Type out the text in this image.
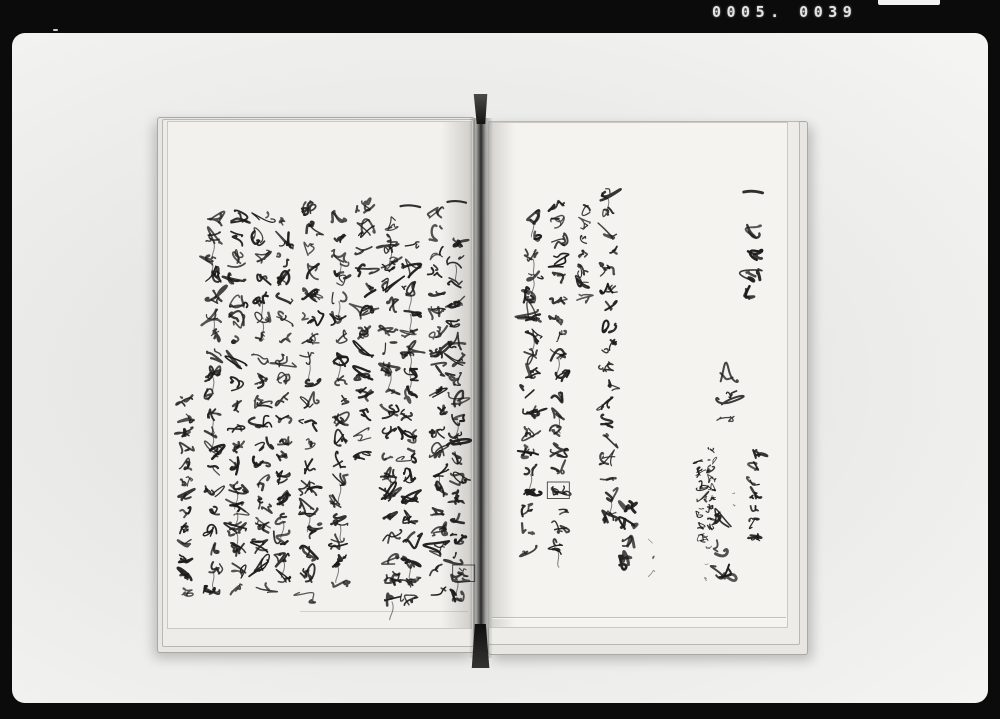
0005. 0039
